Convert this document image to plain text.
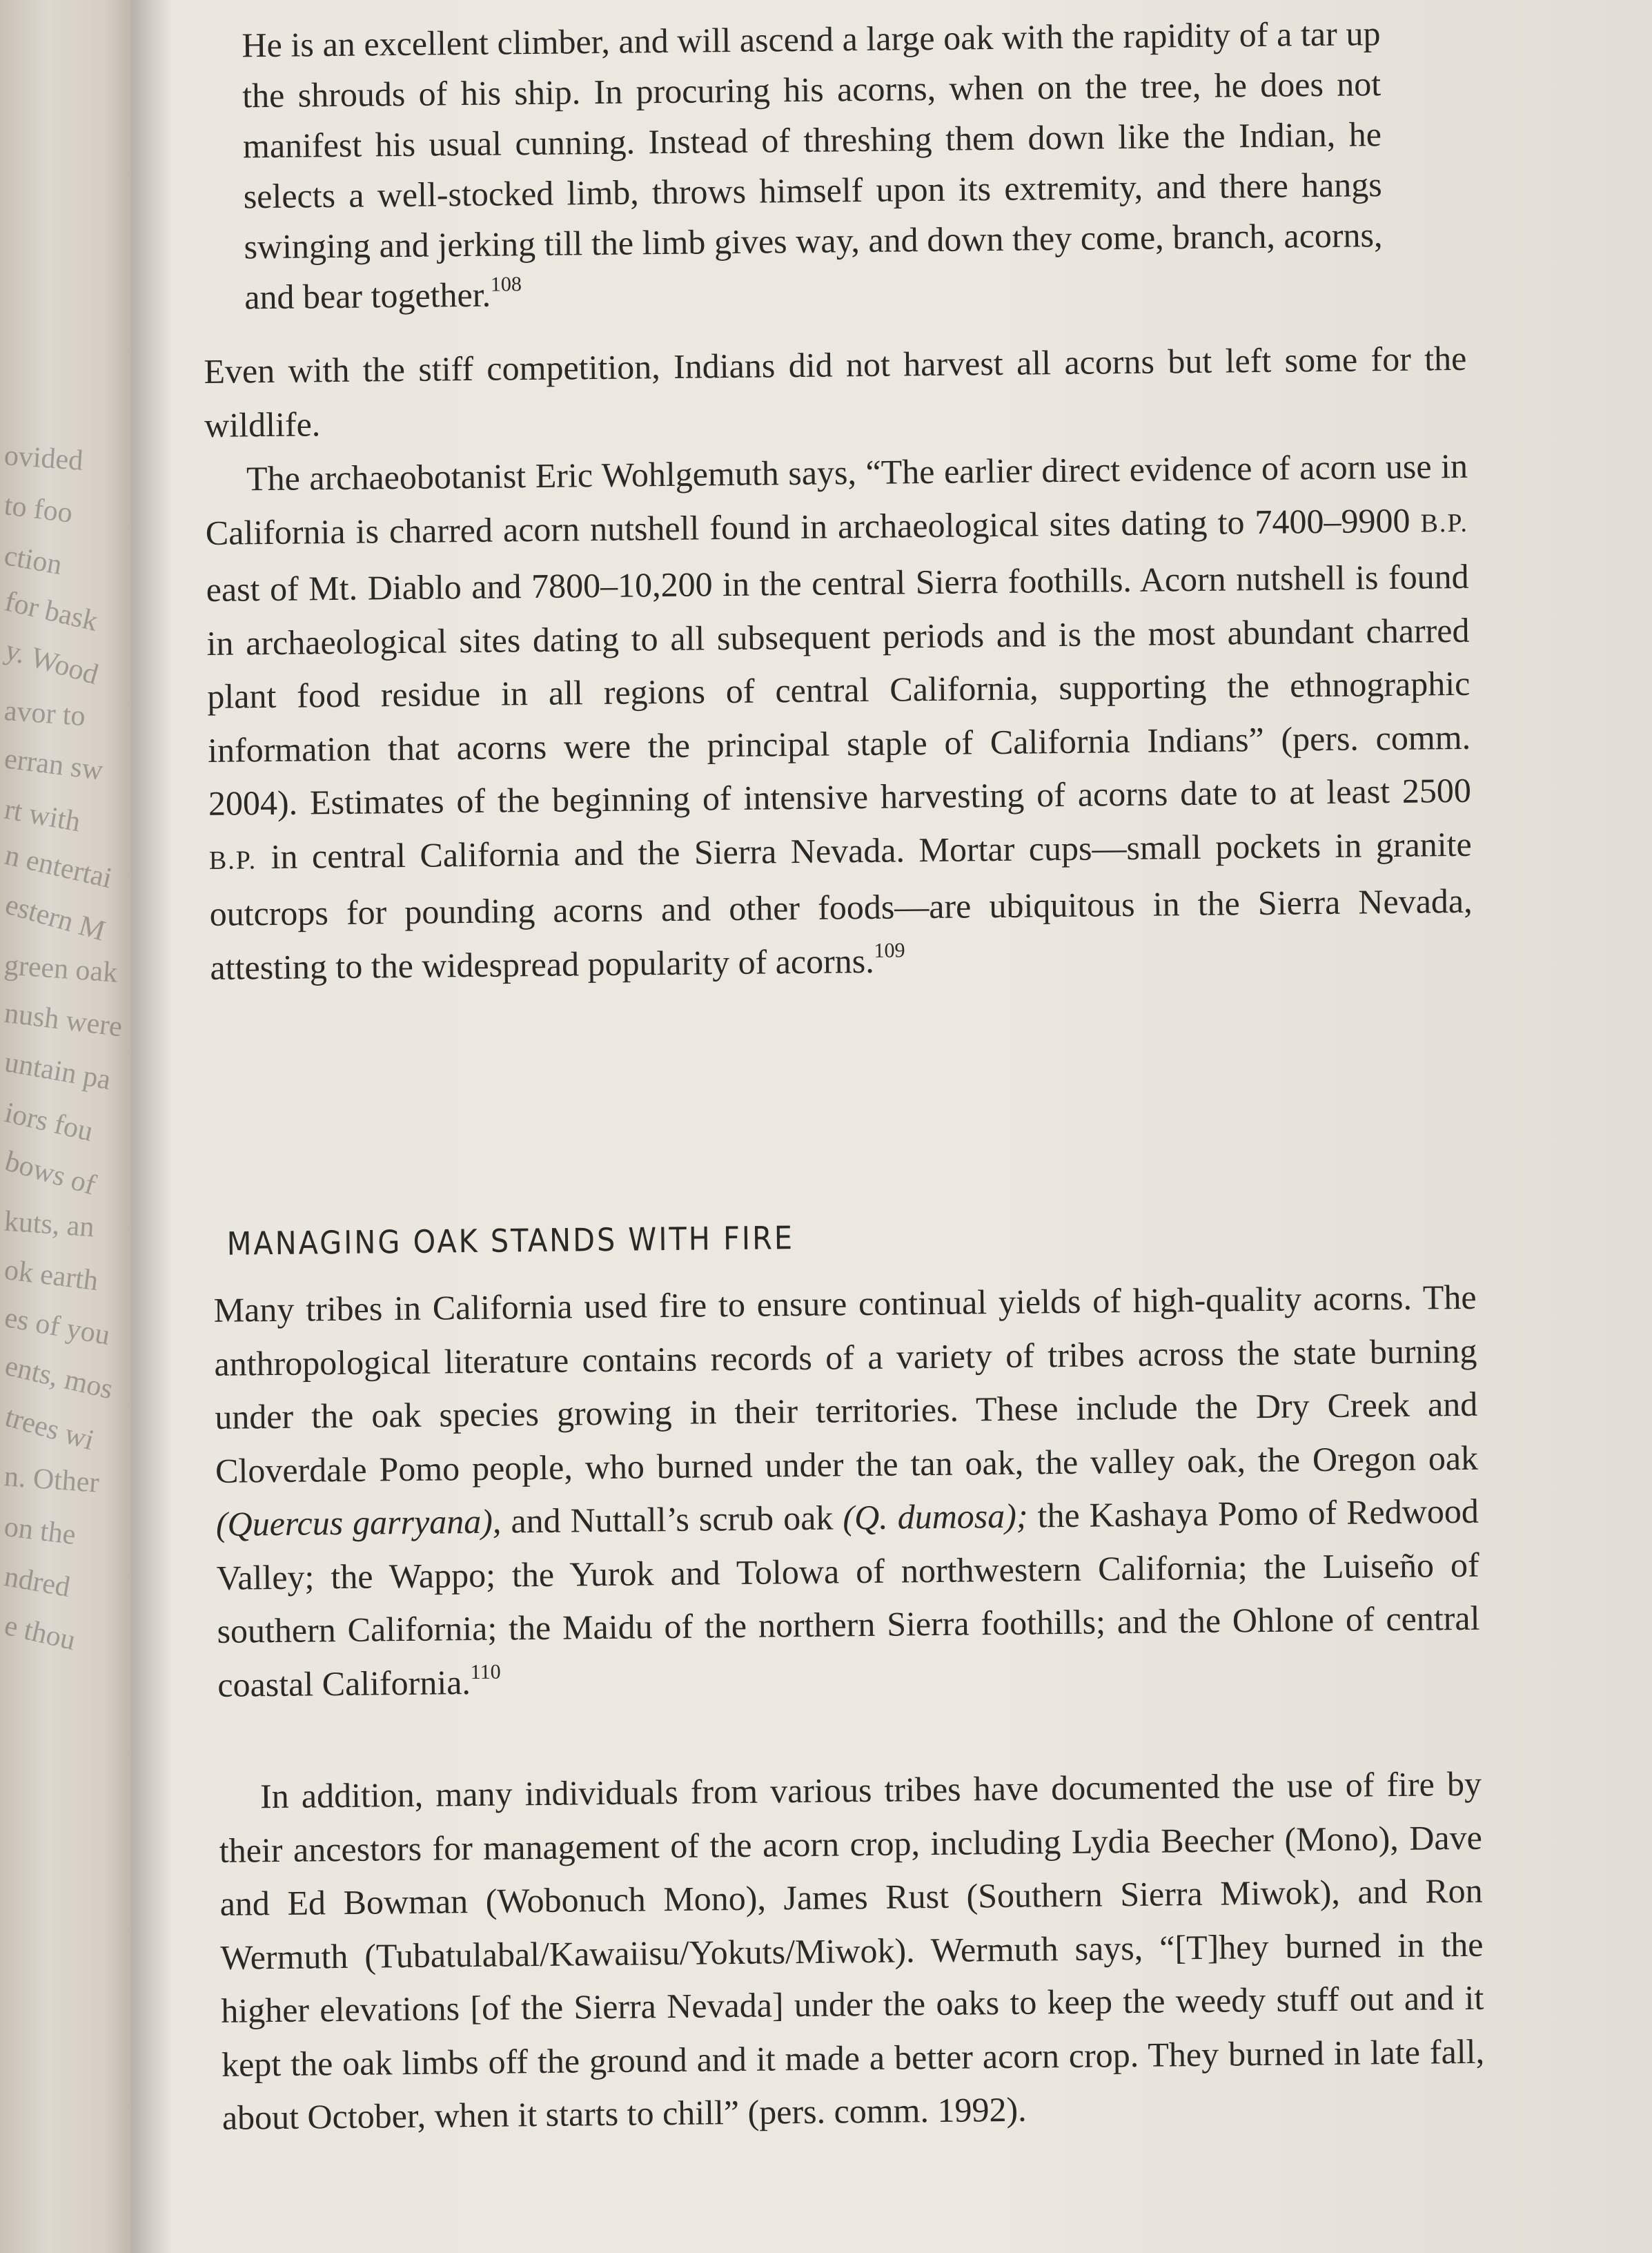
ovided
to foo
ction
for bask
y. Wood
avor to
erran sw
rt with
n entertai
estern M
green oak
nush were
untain pa
iors fou
bows of
kuts, an
ok earth
es of you
ents, mos
trees wi
n. Other
on the
ndred
e thou

He is an excellent climber, and will ascend a large oak with the rapidity of a tar up the shrouds of his ship. In procuring his acorns, when on the tree, he does not manifest his usual cunning. Instead of threshing them down like the Indian, he selects a well-stocked limb, throws himself upon its extremity, and there hangs swinging and jerking till the limb gives way, and down they come, branch, acorns, and bear together.$^{108}$

Even with the stiff competition, Indians did not harvest all acorns but left some for the wildlife.

The archaeobotanist Eric Wohlgemuth says, “The earlier direct evidence of acorn use in California is charred acorn nutshell found in archaeological sites dating to 7400–9900 B.P. east of Mt. Diablo and 7800–10,200 in the central Sierra foothills. Acorn nutshell is found in archaeological sites dating to all subsequent periods and is the most abundant charred plant food residue in all regions of central California, supporting the ethnographic information that acorns were the principal staple of California Indians” (pers. comm. 2004). Estimates of the beginning of intensive harvesting of acorns date to at least 2500 B.P. in central California and the Sierra Nevada. Mortar cups—small pockets in granite outcrops for pounding acorns and other foods—are ubiquitous in the Sierra Nevada, attesting to the widespread popularity of acorns.$^{109}$

MANAGING OAK STANDS WITH FIRE

Many tribes in California used fire to ensure continual yields of high-quality acorns. The anthropological literature contains records of a variety of tribes across the state burning under the oak species growing in their territories. These include the Dry Creek and Cloverdale Pomo people, who burned under the tan oak, the valley oak, the Oregon oak (Quercus garryana), and Nuttall’s scrub oak (Q. dumosa); the Kashaya Pomo of Redwood Valley; the Wappo; the Yurok and Tolowa of northwestern California; the Luiseño of southern California; the Maidu of the northern Sierra foothills; and the Ohlone of central coastal California.$^{110}$

In addition, many individuals from various tribes have documented the use of fire by their ancestors for management of the acorn crop, including Lydia Beecher (Mono), Dave and Ed Bowman (Wobonuch Mono), James Rust (Southern Sierra Miwok), and Ron Wermuth (Tubatulabal/Kawaiisu/Yokuts/Miwok). Wermuth says, “[T]hey burned in the higher elevations [of the Sierra Nevada] under the oaks to keep the weedy stuff out and it kept the oak limbs off the ground and it made a better acorn crop. They burned in late fall, about October, when it starts to chill” (pers. comm. 1992).
